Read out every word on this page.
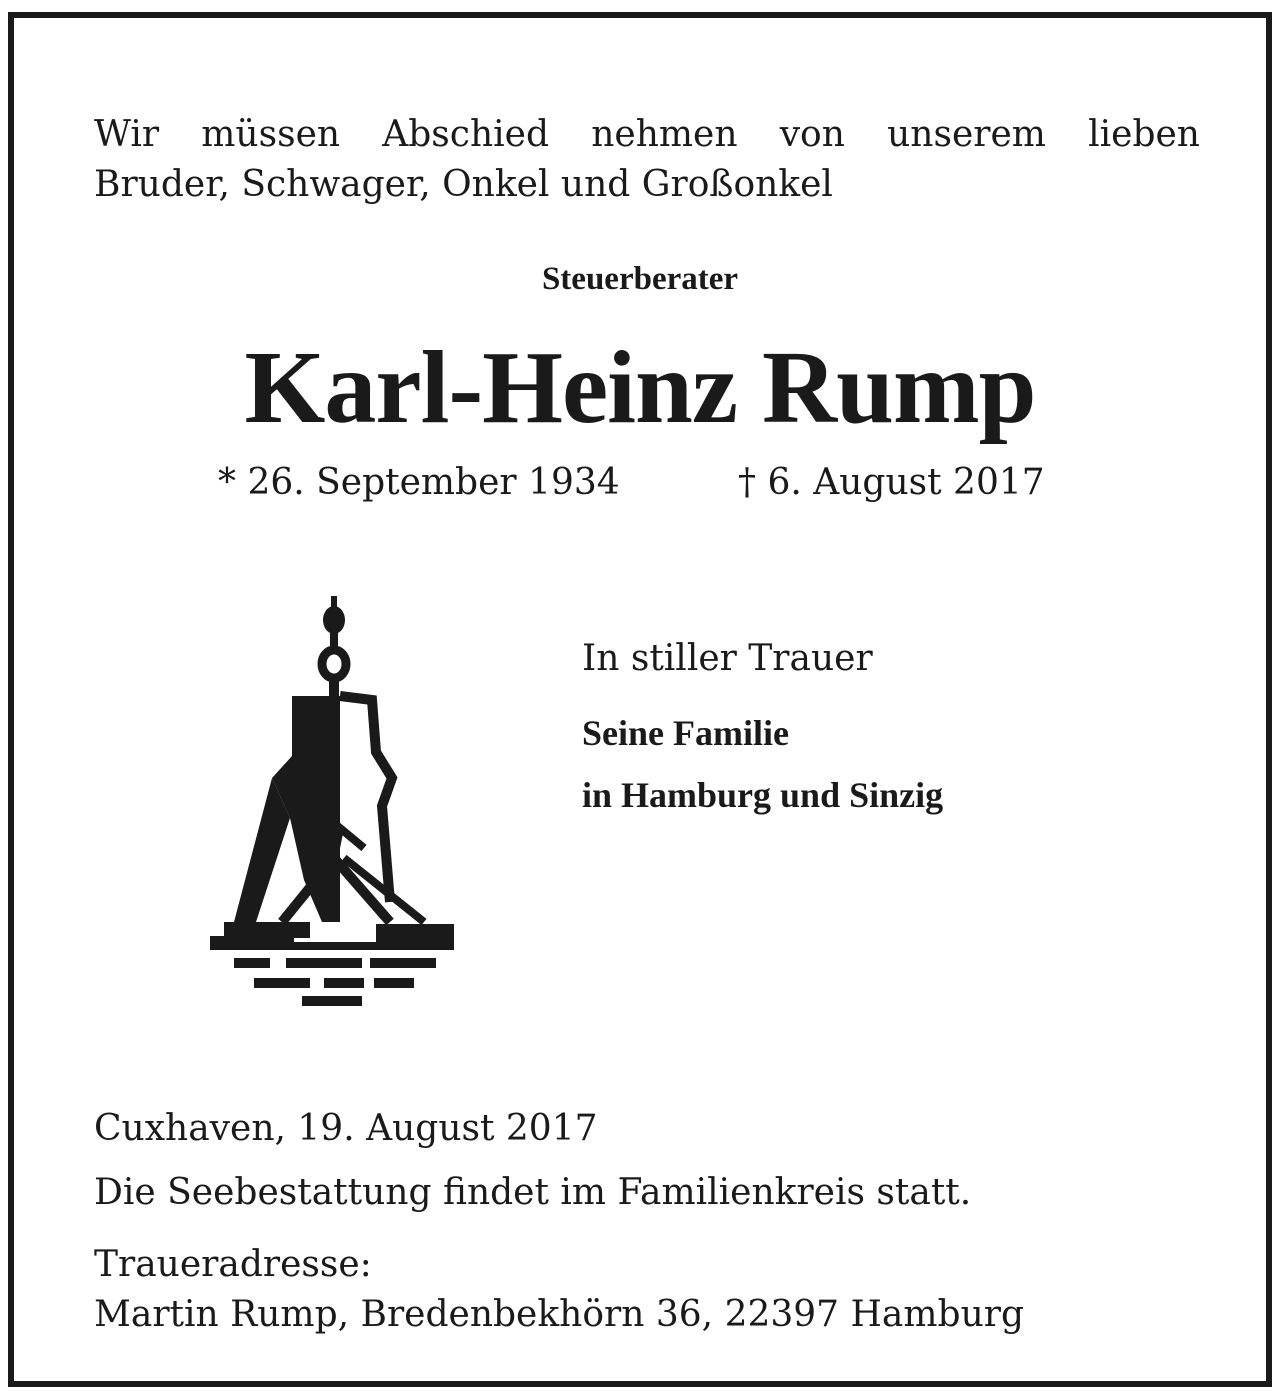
Wir müssen Abschied nehmen von unserem lieben
Bruder, Schwager, Onkel und Großonkel

Steuerberater
Karl-Heinz Rump
* 26. September 1934	† 6. August 2017
In stiller Trauer
Seine Familie
in Hamburg und Sinzig
Cuxhaven, 19. August 2017
Die Seebestattung findet im Familienkreis statt.
Traueradresse:
Martin Rump, Bredenbekhörn 36, 22397 Hamburg
